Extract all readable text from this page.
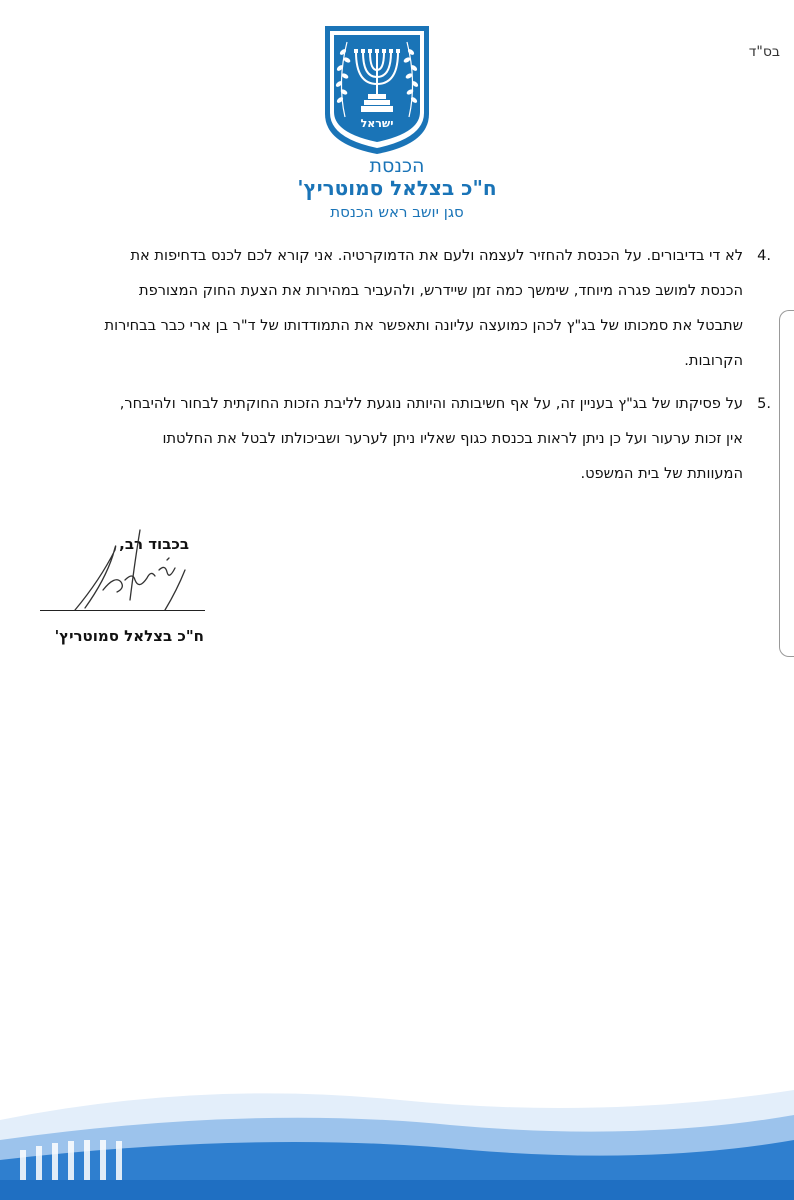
בס"ד
ישראל
הכנסת
ח"כ בצלאל סמוטריץ'
סגן יושב ראש הכנסת
.4

לא די בדיבורים. על הכנסת להחזיר לעצמה ולעם את הדמוקרטיה. אני קורא לכם לכנס בדחיפות את

הכנסת למושב פגרה מיוחד, שימשך כמה זמן שיידרש, ולהעביר במהירות את הצעת החוק המצורפת

שתבטל את סמכותו של בג"ץ לכהן כמועצה עליונה ותאפשר את התמודדותו של ד"ר בן ארי כבר בבחירות

הקרובות.

.5

על פסיקתו של בג"ץ בעניין זה, על אף חשיבותה והיותה נוגעת לליבת הזכות החוקתית לבחור ולהיבחר,

אין זכות ערעור ועל כן ניתן לראות בכנסת כגוף שאליו ניתן לערער ושביכולתו לבטל את החלטתו

המעוותת של בית המשפט.

בכבוד רב,
ח"כ בצלאל סמוטריץ'
